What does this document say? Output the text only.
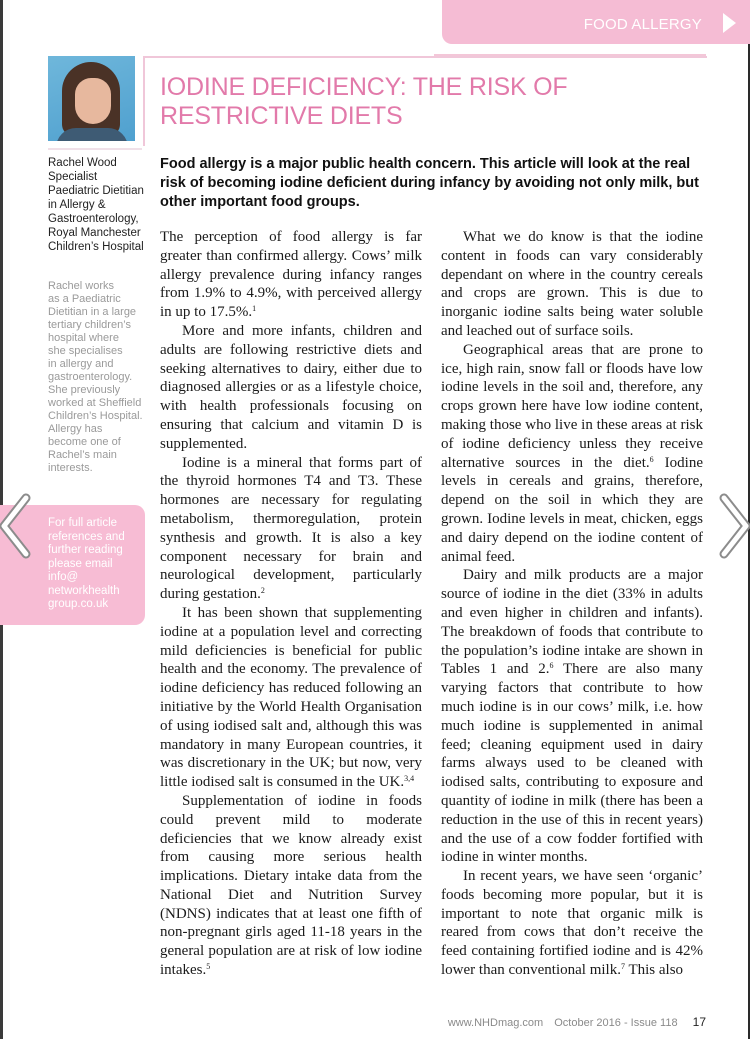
FOOD ALLERGY
IODINE DEFICIENCY: THE RISK OF RESTRICTIVE DIETS

Food allergy is a major public health concern. This article will look at the real risk of becoming iodine deficient during infancy by avoiding not only milk, but other important food groups.

Rachel Wood
Specialist
Paediatric Dietitian
in Allergy &
Gastroenterology,
Royal Manchester
Children’s Hospital
Rachel works
as a Paediatric
Dietitian in a large
tertiary children’s
hospital where
she specialises
in allergy and
gastroenterology.
She previously
worked at Sheffield
Children’s Hospital.
Allergy has
become one of
Rachel’s main
interests.
For full article
references and
further reading
please email
info@
networkhealth
group.co.uk

The perception of food allergy is far greater than confirmed allergy. Cows’ milk allergy prevalence during infancy ranges from 1.9% to 4.9%, with perceived allergy in up to 17.5%.$^1$

More and more infants, children and adults are following restrictive diets and seeking alternatives to dairy, either due to diagnosed allergies or as a lifestyle choice, with health professionals focusing on ensuring that calcium and vitamin D is supplemented.

Iodine is a mineral that forms part of the thyroid hormones T4 and T3. These hormones are necessary for regulating metabolism, thermoregulation, protein synthesis and growth. It is also a key component necessary for brain and neurological development, particularly during gestation.$^2$

It has been shown that supplementing iodine at a population level and correcting mild deficiencies is beneficial for public health and the economy. The prevalence of iodine deficiency has reduced following an initiative by the World Health Organisation of using iodised salt and, although this was mandatory in many European countries, it was discretionary in the UK; but now, very little iodised salt is consumed in the UK.$^{3,4}$

Supplementation of iodine in foods could prevent mild to moderate deficiencies that we know already exist from causing more serious health implications. Dietary intake data from the National Diet and Nutrition Survey (NDNS) indicates that at least one fifth of non-pregnant girls aged 11-18 years in the general population are at risk of low iodine intakes.$^5$

What we do know is that the iodine content in foods can vary considerably dependant on where in the country cereals and crops are grown. This is due to inorganic iodine salts being water soluble and leached out of surface soils.

Geographical areas that are prone to ice, high rain, snow fall or floods have low iodine levels in the soil and, therefore, any crops grown here have low iodine content, making those who live in these areas at risk of iodine deficiency unless they receive alternative sources in the diet.$^6$ Iodine levels in cereals and grains, therefore, depend on the soil in which they are grown. Iodine levels in meat, chicken, eggs and dairy depend on the iodine content of animal feed.

Dairy and milk products are a major source of iodine in the diet (33% in adults and even higher in children and infants). The breakdown of foods that contribute to the population’s iodine intake are shown in Tables 1 and 2.$^6$ There are also many varying factors that contribute to how much iodine is in our cows’ milk, i.e. how much iodine is supplemented in animal feed; cleaning equipment used in dairy farms always used to be cleaned with iodised salts, contributing to exposure and quantity of iodine in milk (there has been a reduction in the use of this in recent years) and the use of a cow fodder fortified with iodine in winter months.

In recent years, we have seen ‘organic’ foods becoming more popular, but it is important to note that organic milk is reared from cows that don’t receive the feed containing fortified iodine and is 42% lower than conventional milk.$^7$ This also

www.NHDmag.com October 2016 - Issue 118 17
